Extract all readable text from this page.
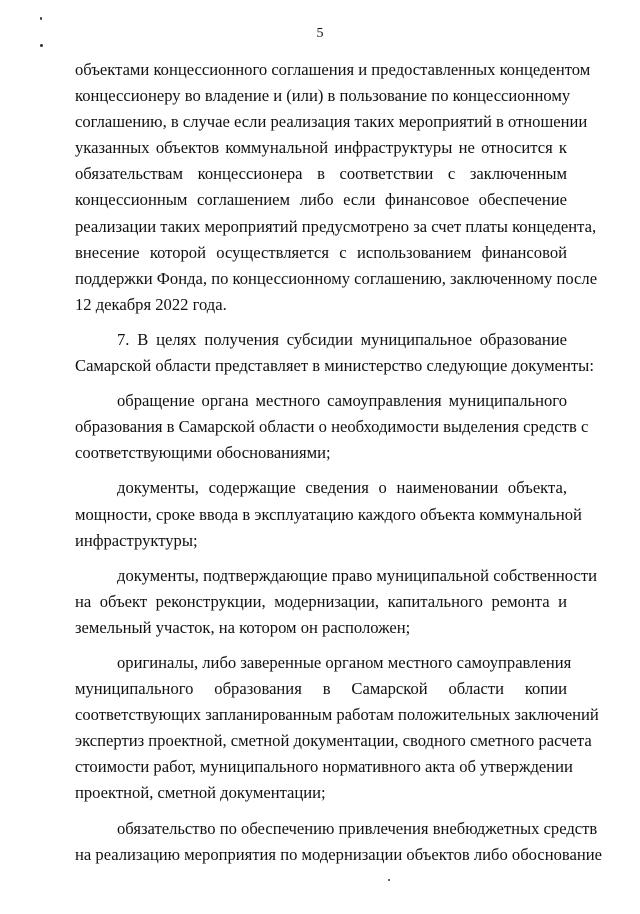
5

объектами концессионного соглашения и предоставленных концедентом
концессионеру во владение и (или) в пользование по концессионному
соглашению, в случае если реализация таких мероприятий в отношении
указанных объектов коммунальной инфраструктуры не относится к
обязательствам концессионера в соответствии с заключенным
концессионным соглашением либо если финансовое обеспечение
реализации таких мероприятий предусмотрено за счет платы концедента,
внесение которой осуществляется с использованием финансовой
поддержки Фонда, по концессионному соглашению, заключенному после
12 декабря 2022 года.

7. В целях получения субсидии муниципальное образование
Самарской области представляет в министерство следующие документы:

обращение органа местного самоуправления муниципального
образования в Самарской области о необходимости выделения средств с
соответствующими обоснованиями;

документы, содержащие сведения о наименовании объекта,
мощности, сроке ввода в эксплуатацию каждого объекта коммунальной
инфраструктуры;

документы, подтверждающие право муниципальной собственности
на объект реконструкции, модернизации, капитального ремонта и
земельный участок, на котором он расположен;

оригиналы, либо заверенные органом местного самоуправления
муниципального образования в Самарской области копии
соответствующих запланированным работам положительных заключений
экспертиз проектной, сметной документации, сводного сметного расчета
стоимости работ, муниципального нормативного акта об утверждении
проектной, сметной документации;

обязательство по обеспечению привлечения внебюджетных средств
на реализацию мероприятия по модернизации объектов либо обоснование
